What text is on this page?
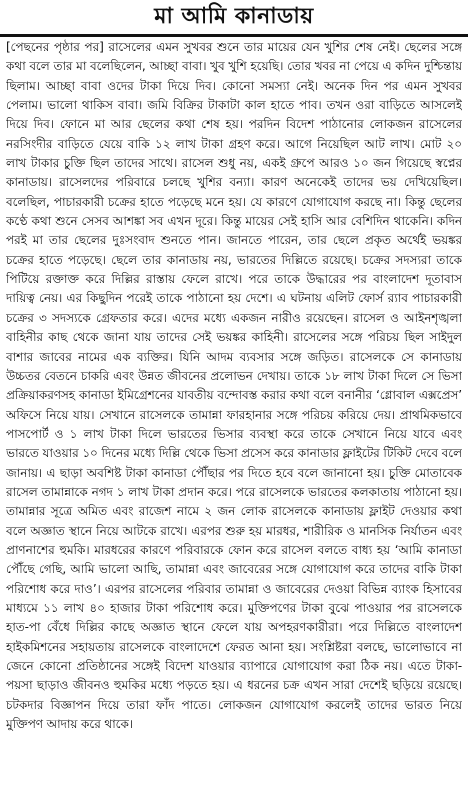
মা আমি কানাডায়
[পেছনের পৃষ্ঠার পর] রাসেলের এমন সুখবর শুনে তার মায়ের যেন খুশির শেষ নেই। ছেলের সঙ্গে কথা বলে তার মা বলেছিলেন, আচ্ছা বাবা। খুব খুশি হয়েছি। তোর খবর না পেয়ে এ কদিন দুশ্চিন্তায় ছিলাম। আচ্ছা বাবা ওদের টাকা দিয়ে দিব। কোনো সমস্যা নেই। অনেক দিন পর এমন সুখবর পেলাম। ভালো থাকিস বাবা। জমি বিক্রির টাকাটা কাল হাতে পাব। তখন ওরা বাড়িতে আসলেই দিয়ে দিব। ফোনে মা আর ছেলের কথা শেষ হয়। পরদিন বিদেশ পাঠানোর লোকজন রাসেলের নরসিংদীর বাড়িতে যেয়ে বাকি ১২ লাখ টাকা গ্রহণ করে। আগে নিয়েছিল আট লাখ। মোট ২০ লাখ টাকার চুক্তি ছিল তাদের সাথে। রাসেল শুধু নয়, একই গ্রুপে আরও ১০ জন গিয়েছে স্বপ্নের কানাডায়। রাসেলদের পরিবারে চলছে খুশির বন্যা। কারণ অনেকেই তাদের ভয় দেখিয়েছিল। বলেছিল, পাচারকারী চক্রের হাতে পড়েছে মনে হয়। যে কারণে যোগাযোগ করছে না। কিন্তু ছেলের কণ্ঠে কথা শুনে সেসব আশঙ্কা সব এখন দূরে। কিন্তু মায়ের সেই হাসি আর বেশিদিন থাকেনি। কদিন পরই মা তার ছেলের দুঃসংবাদ শুনতে পান। জানতে পারেন, তার ছেলে প্রকৃত অর্থেই ভয়ঙ্কর চক্রের হাতে পড়েছে। ছেলে তার কানাডায় নয়, ভারতের দিল্লিতে রয়েছে। চক্রের সদস্যরা তাকে পিটিয়ে রক্তাক্ত করে দিল্লির রাস্তায় ফেলে রাখে। পরে তাকে উদ্ধারের পর বাংলাদেশ দূতাবাস দায়িত্ব নেয়। এর কিছুদিন পরেই তাকে পাঠানো হয় দেশে। এ ঘটনায় এলিট ফোর্স র‌্যাব পাচারকারী চক্রের ৩ সদস্যকে গ্রেফতার করে। এদের মধ্যে একজন নারীও রয়েছেন। রাসেল ও আইনশৃঙ্খলা বাহিনীর কাছ থেকে জানা যায় তাদের সেই ভয়ঙ্কর কাহিনী। রাসেলের সঙ্গে পরিচয় ছিল সাইদুল বাশার জাবের নামের এক ব্যক্তির। যিনি আদম ব্যবসার সঙ্গে জড়িত। রাসেলকে সে কানাডায় উচ্চতর বেতনে চাকরি এবং উন্নত জীবনের প্রলোভন দেখায়। তাকে ১৮ লাখ টাকা দিলে সে ভিসা প্রক্রিয়াকরণসহ কানাডা ইমিগ্রেশনের যাবতীয় বন্দোবস্ত করার কথা বলে বনানীর ‘গ্লোবাল এক্সপ্রেস’ অফিসে নিয়ে যায়। সেখানে রাসেলকে তামান্না ফারহানার সঙ্গে পরিচয় করিয়ে দেয়। প্রাথমিকভাবে পাসপোর্ট ও ১ লাখ টাকা দিলে ভারতের ভিসার ব্যবস্থা করে তাকে সেখানে নিয়ে যাবে এবং ভারতে যাওয়ার ১০ দিনের মধ্যে দিল্লি থেকে ভিসা প্রসেস করে কানাডার ফ্লাইটের টিকিট দেবে বলে জানায়। এ ছাড়া অবশিষ্ট টাকা কানাডা পৌঁছার পর দিতে হবে বলে জানানো হয়। চুক্তি মোতাবেক রাসেল তামান্নাকে নগদ ১ লাখ টাকা প্রদান করে। পরে রাসেলকে ভারতের কলকাতায় পাঠানো হয়। তামান্নার সূত্রে অমিত এবং রাজেশ নামে ২ জন লোক রাসেলকে কানাডায় ফ্লাইট দেওয়ার কথা বলে অজ্ঞাত স্থানে নিয়ে আটকে রাখে। এরপর শুরু হয় মারধর, শারীরিক ও মানসিক নির্যাতন এবং প্রাণনাশের হুমকি। মারধরের কারণে পরিবারকে ফোন করে রাসেল বলতে বাধ্য হয় ‘আমি কানাডা পৌঁছে গেছি, আমি ভালো আছি, তামান্না এবং জাবেরের সঙ্গে যোগাযোগ করে তাদের বাকি টাকা পরিশোধ করে দাও’। এরপর রাসেলের পরিবার তামান্না ও জাবেরের দেওয়া বিভিন্ন ব্যাংক হিসাবের মাধ্যমে ১১ লাখ ৪০ হাজার টাকা পরিশোধ করে। মুক্তিপণের টাকা বুঝে পাওয়ার পর রাসেলকে হাত-পা বেঁধে দিল্লির কাছে অজ্ঞাত স্থানে ফেলে যায় অপহরণকারীরা। পরে দিল্লিতে বাংলাদেশ হাইকমিশনের সহায়তায় রাসেলকে বাংলাদেশে ফেরত আনা হয়। সংশ্লিষ্টরা বলছে, ভালোভাবে না জেনে কোনো প্রতিষ্ঠানের সঙ্গেই বিদেশ যাওয়ার ব্যাপারে যোগাযোগ করা ঠিক নয়। এতে টাকা-পয়সা ছাড়াও জীবনও হুমকির মধ্যে পড়তে হয়। এ ধরনের চক্র এখন সারা দেশেই ছড়িয়ে রয়েছে। চটকদার বিজ্ঞাপন দিয়ে তারা ফাঁদ পাতে। লোকজন যোগাযোগ করলেই তাদের ভারত নিয়ে মুক্তিপণ আদায় করে থাকে।
